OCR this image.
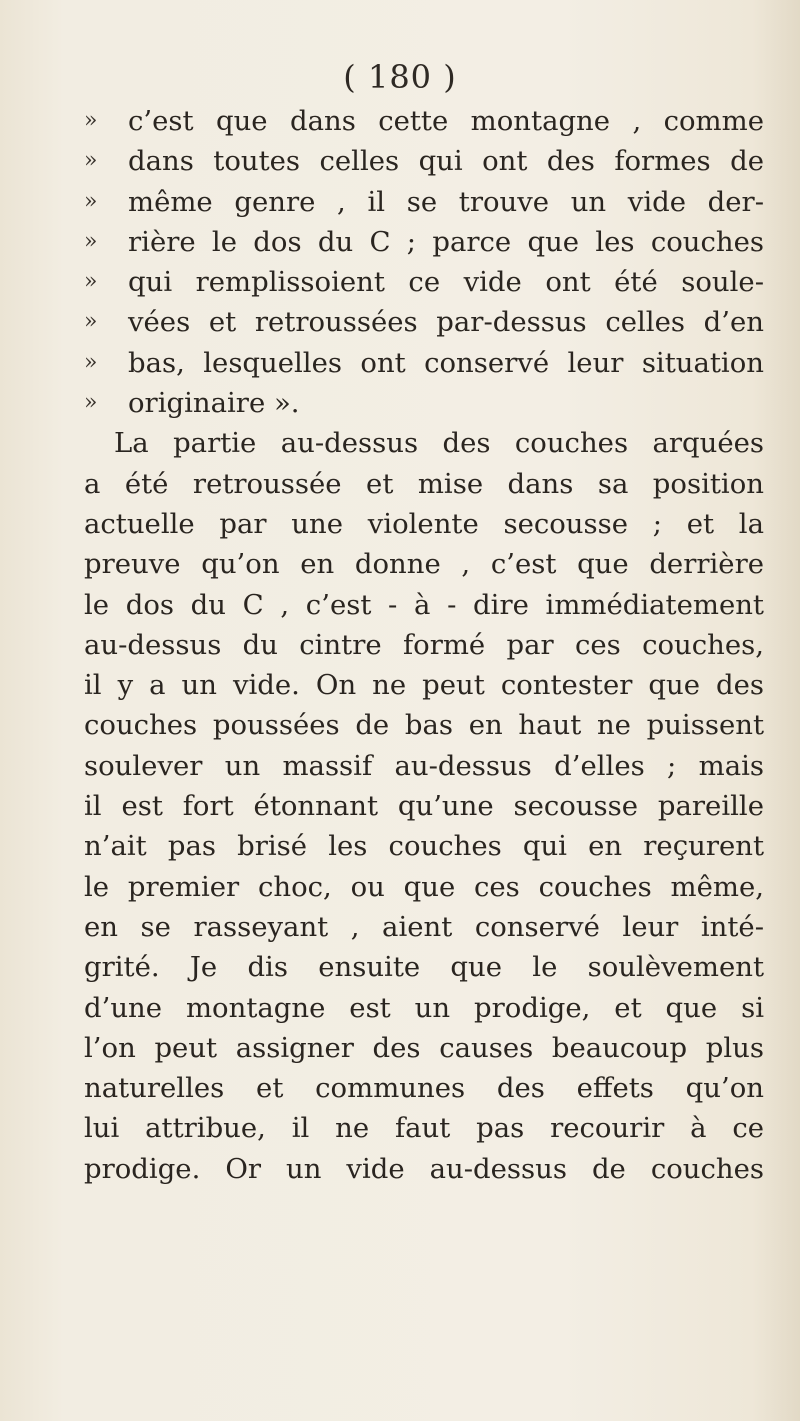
( 180 )
» c’est que dans cette montagne , comme
» dans toutes celles qui ont des formes de
» même genre , il se trouve un vide der-
» rière le dos du C ; parce que les couches
» qui remplissoient ce vide ont été soule-
» vées et retroussées par-dessus celles d’en
» bas, lesquelles ont conservé leur situation
» originaire ».
La partie au-dessus des couches arquées
a été retroussée et mise dans sa position
actuelle par une violente secousse ; et la
preuve qu’on en donne , c’est que derrière
le dos du C , c’est - à - dire immédiatement
au-dessus du cintre formé par ces couches,
il y a un vide. On ne peut contester que des
couches poussées de bas en haut ne puissent
soulever un massif au-dessus d’elles ; mais
il est fort étonnant qu’une secousse pareille
n’ait pas brisé les couches qui en reçurent
le premier choc, ou que ces couches même,
en se rasseyant , aient conservé leur inté-
grité. Je dis ensuite que le soulèvement
d’une montagne est un prodige, et que si
l’on peut assigner des causes beaucoup plus
naturelles et communes des effets qu’on
lui attribue, il ne faut pas recourir à ce
prodige. Or un vide au-dessus de couches
